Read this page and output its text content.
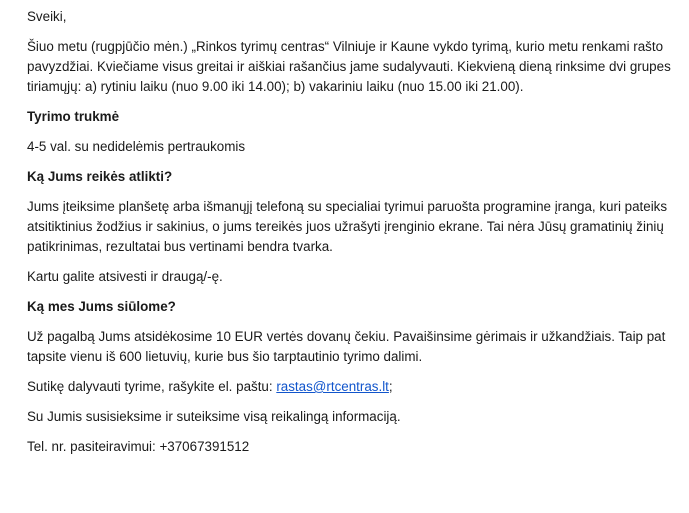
Sveiki,

Šiuo metu (rugpjūčio mėn.) „Rinkos tyrimų centras“ Vilniuje ir Kaune vykdo tyrimą, kurio metu renkami rašto pavyzdžiai. Kviečiame visus greitai ir aiškiai rašančius jame sudalyvauti. Kiekvieną dieną rinksime dvi grupes tiriamųjų: a) rytiniu laiku (nuo 9.00 iki 14.00); b) vakariniu laiku (nuo 15.00 iki 21.00).

Tyrimo trukmė

4-5 val. su nedidelėmis pertraukomis

Ką Jums reikės atlikti?

Jums įteiksime planšetę arba išmanųjį telefoną su specialiai tyrimui paruošta programine įranga, kuri pateiks atsitiktinius žodžius ir sakinius, o jums tereikės juos užrašyti įrenginio ekrane. Tai nėra Jūsų gramatinių žinių patikrinimas, rezultatai bus vertinami bendra tvarka.

Kartu galite atsivesti ir draugą/-ę.

Ką mes Jums siūlome?

Už pagalbą Jums atsidėkosime 10 EUR vertės dovanų čekiu. Pavaišinsime gėrimais ir užkandžiais. Taip pat tapsite vienu iš 600 lietuvių, kurie bus šio tarptautinio tyrimo dalimi.

Sutikę dalyvauti tyrime, rašykite el. paštu: rastas@rtcentras.lt;

Su Jumis susisieksime ir suteiksime visą reikalingą informaciją.

Tel. nr. pasiteiravimui: +37067391512
